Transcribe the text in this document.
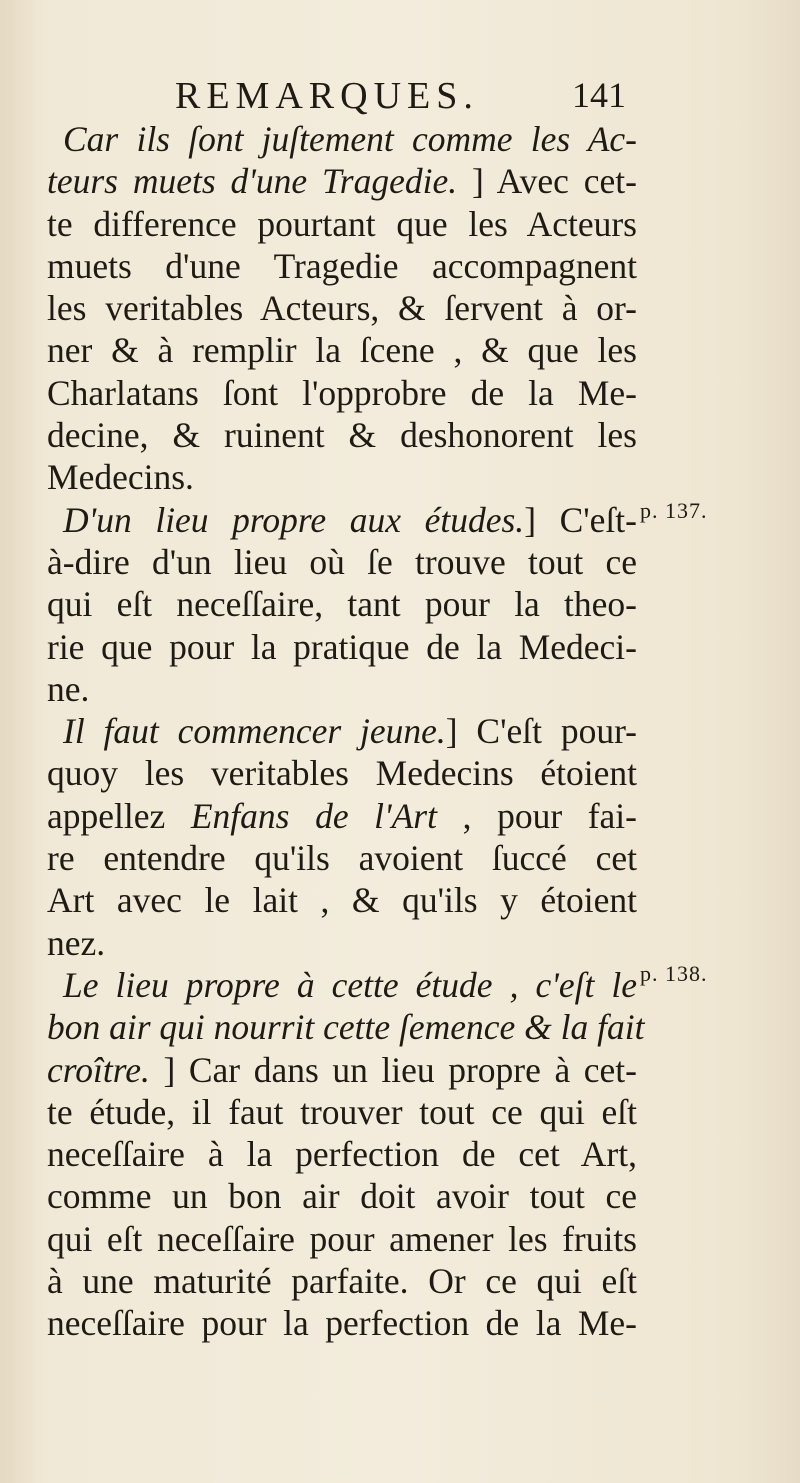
REMARQUES.	141
Car ils ſont juſtement comme les Ac-
teurs muets d'une Tragedie. ] Avec cet-
te difference pourtant que les Acteurs
muets d'une Tragedie accompagnent
les veritables Acteurs, & ſervent à or-
ner & à remplir la ſcene , & que les
Charlatans ſont l'opprobre de la Me-
decine, & ruinent & deshonorent les
Medecins.
D'un lieu propre aux études.] C'eſt-
à-dire d'un lieu où ſe trouve tout ce
qui eſt neceſſaire, tant pour la theo-
rie que pour la pratique de la Medeci-
ne.
Il faut commencer jeune.] C'eſt pour-
quoy les veritables Medecins étoient
appellez Enfans de l'Art , pour fai-
re entendre qu'ils avoient ſuccé cet
Art avec le lait , & qu'ils y étoient
nez.
Le lieu propre à cette étude , c'eſt le
bon air qui nourrit cette ſemence & la fait
croître. ] Car dans un lieu propre à cet-
te étude, il faut trouver tout ce qui eſt
neceſſaire à la perfection de cet Art,
comme un bon air doit avoir tout ce
qui eſt neceſſaire pour amener les fruits
à une maturité parfaite. Or ce qui eſt
neceſſaire pour la perfection de la Me-
p. 137.
p. 138.
